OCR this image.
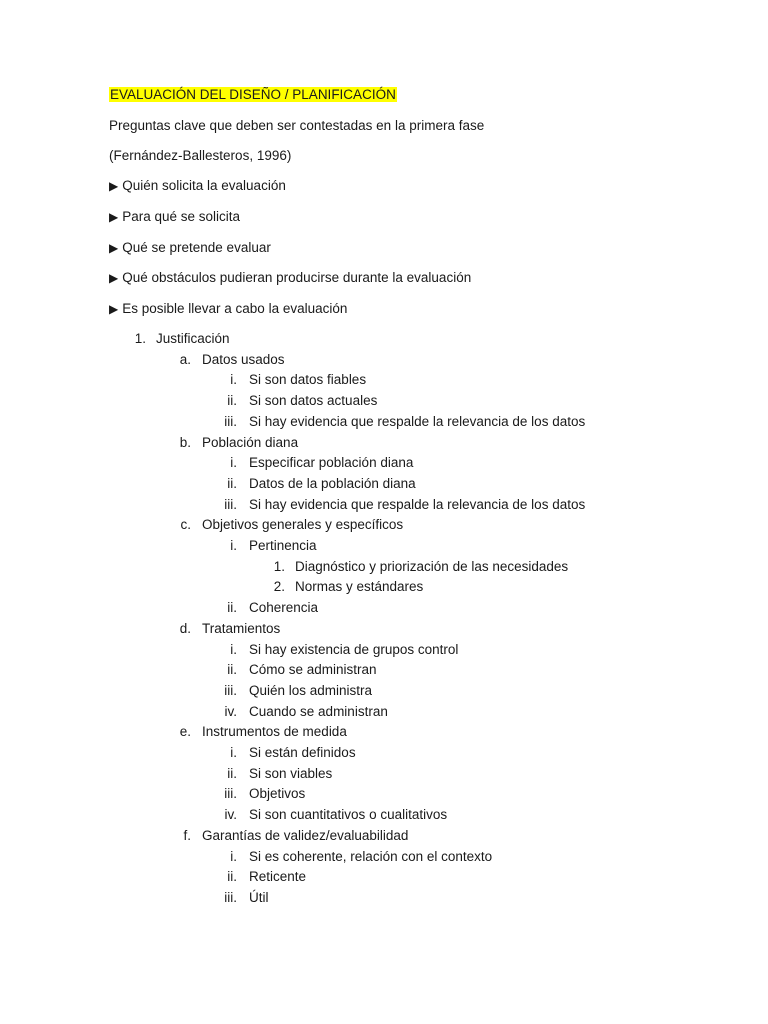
EVALUACIÓN DEL DISEÑO / PLANIFICACIÓN
Preguntas clave que deben ser contestadas en la primera fase
(Fernández-Ballesteros, 1996)
▶ Quién solicita la evaluación
▶ Para qué se solicita
▶ Qué se pretende evaluar
▶ Qué obstáculos pudieran producirse durante la evaluación
▶ Es posible llevar a cabo la evaluación
1. Justificación
a. Datos usados
i. Si son datos fiables
ii. Si son datos actuales
iii. Si hay evidencia que respalde la relevancia de los datos
b. Población diana
i. Especificar población diana
ii. Datos de la población diana
iii. Si hay evidencia que respalde la relevancia de los datos
c. Objetivos generales y específicos
i. Pertinencia
1. Diagnóstico y priorización de las necesidades
2. Normas y estándares
ii. Coherencia
d. Tratamientos
i. Si hay existencia de grupos control
ii. Cómo se administran
iii. Quién los administra
iv. Cuando se administran
e. Instrumentos de medida
i. Si están definidos
ii. Si son viables
iii. Objetivos
iv. Si son cuantitativos o cualitativos
f. Garantías de validez/evaluabilidad
i. Si es coherente, relación con el contexto
ii. Reticente
iii. Útil
